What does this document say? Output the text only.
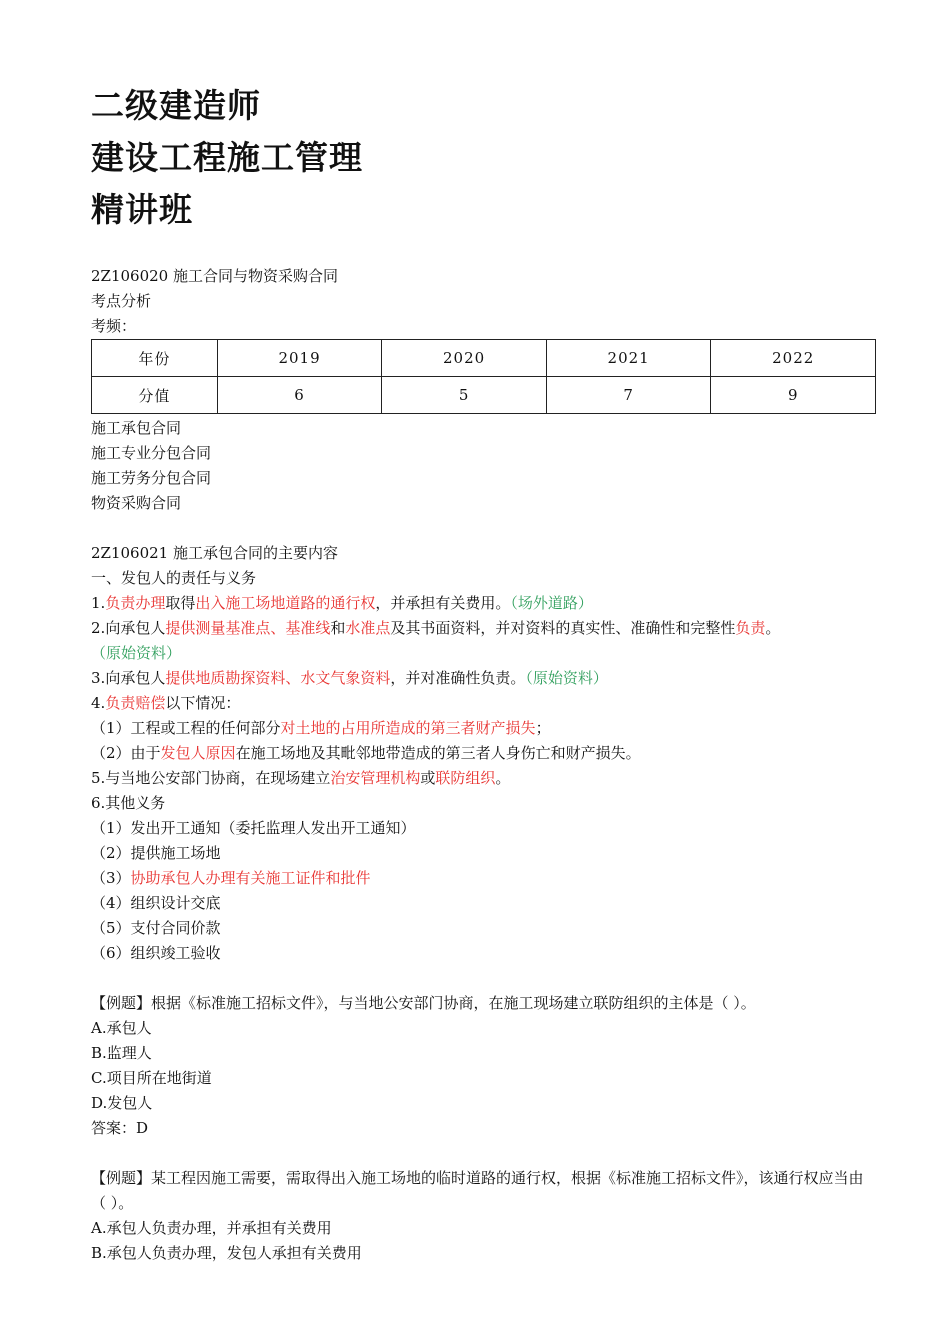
二级建造师
建设工程施工管理
精讲班
2Z106020 施工合同与物资采购合同
考点分析
考频：
年份	2019	2020	2021	2022
分值	6	5	7	9
施工承包合同
施工专业分包合同
施工劳务分包合同
物资采购合同
2Z106021 施工承包合同的主要内容
一、发包人的责任与义务
1.负责办理取得出入施工场地道路的通行权，并承担有关费用。（场外道路）
2.向承包人提供测量基准点、基准线和水准点及其书面资料，并对资料的真实性、准确性和完整性负责。
（原始资料）
3.向承包人提供地质勘探资料、水文气象资料，并对准确性负责。（原始资料）
4.负责赔偿以下情况：
（1）工程或工程的任何部分对土地的占用所造成的第三者财产损失；
（2）由于发包人原因在施工场地及其毗邻地带造成的第三者人身伤亡和财产损失。
5.与当地公安部门协商，在现场建立治安管理机构或联防组织。
6.其他义务
（1）发出开工通知（委托监理人发出开工通知）
（2）提供施工场地
（3）协助承包人办理有关施工证件和批件
（4）组织设计交底
（5）支付合同价款
（6）组织竣工验收
【例题】根据《标准施工招标文件》，与当地公安部门协商，在施工现场建立联防组织的主体是（ ）。
A.承包人
B.监理人
C.项目所在地街道
D.发包人
答案：D
【例题】某工程因施工需要，需取得出入施工场地的临时道路的通行权，根据《标准施工招标文件》，该通行权应当由 （ ）。
A.承包人负责办理，并承担有关费用
B.承包人负责办理，发包人承担有关费用
